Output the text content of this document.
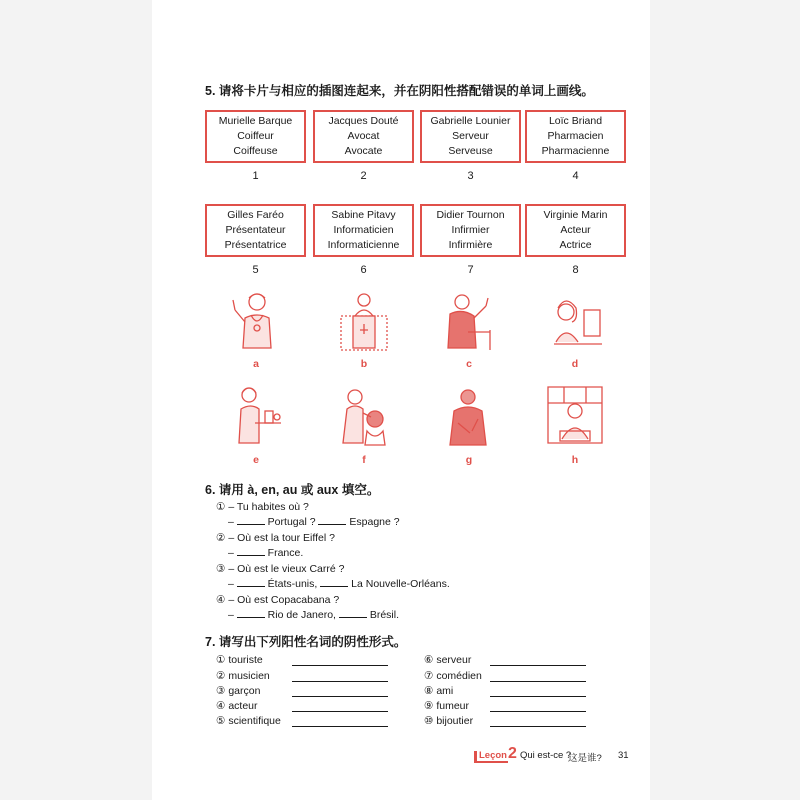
5. 请将卡片与相应的插图连起来，并在阴阳性搭配错误的单词上画线。
Murielle Barque
Coiffeur
Coiffeuse
Jacques Douté
Avocat
Avocate
Gabrielle Lounier
Serveur
Serveuse
Loïc Briand
Pharmacien
Pharmacienne
1	2	3	4
Gilles Faréo
Présentateur
Présentatrice
Sabine Pitavy
Informaticien
Informaticienne
Didier Tournon
Infirmier
Infirmière
Virginie Marin
Acteur
Actrice
5	6	7	8
a	b	c	d
e	f	g	h
6. 请用 à, en, au 或 aux 填空。
① – Tu habites où ?
–	Portugal ?	Espagne ?
② – Où est la tour Eiffel ?
–	France.
③ – Où est le vieux Carré ?
–	États-unis,	La Nouvelle-Orléans.
④ – Où est Copacabana ?
–	Rio de Janero,	Brésil.
7. 请写出下列阳性名词的阴性形式。
① touriste
② musicien
③ garçon
④ acteur
⑤ scientifique
⑥ serveur
⑦ comédien
⑧ ami
⑨ fumeur
⑩ bijoutier
Leçon 2 Qui est-ce ?
这是谁? 31
